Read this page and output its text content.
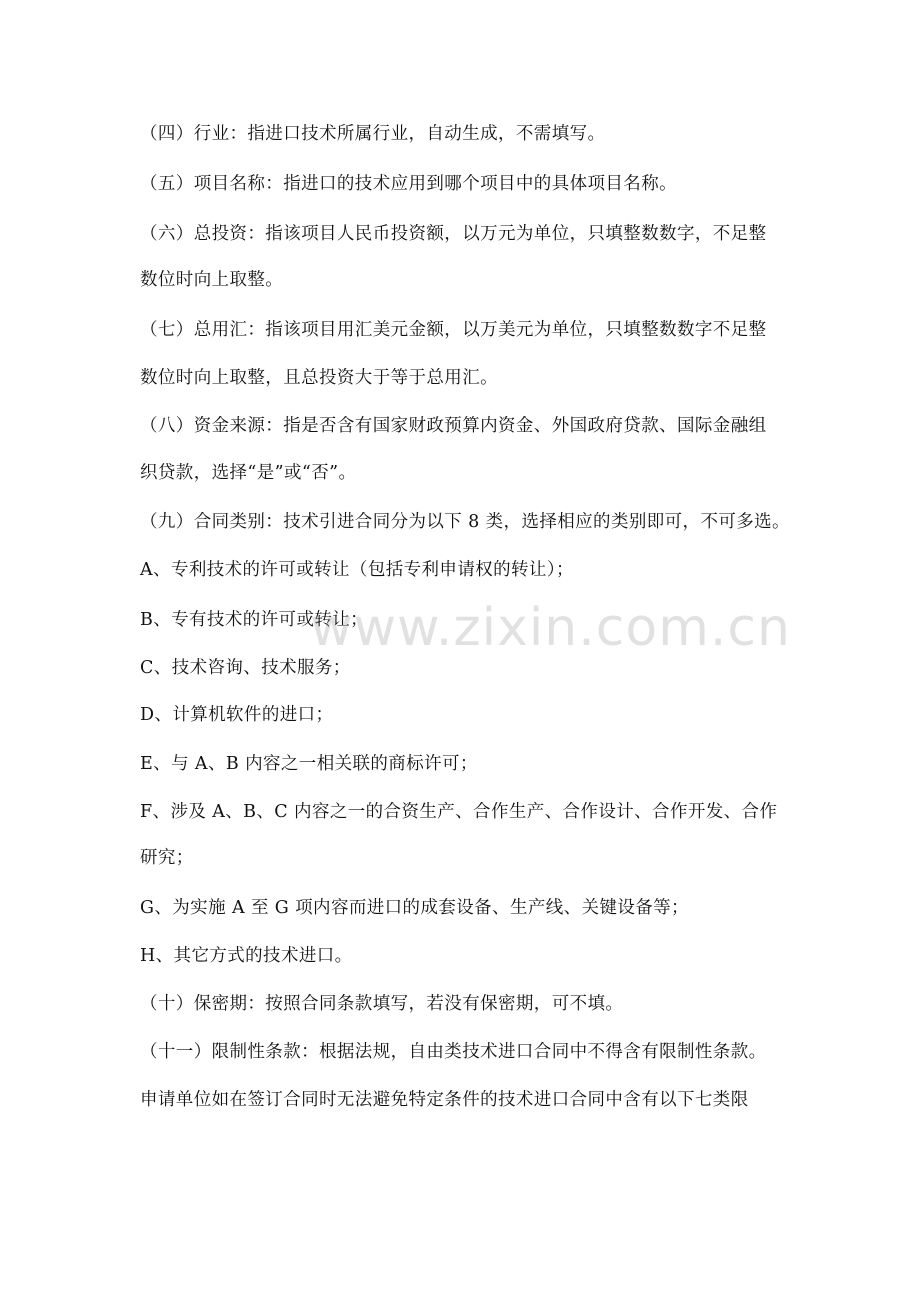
（四）行业：指进口技术所属行业，自动生成，不需填写。
（五）项目名称：指进口的技术应用到哪个项目中的具体项目名称。
（六）总投资：指该项目人民币投资额，以万元为单位，只填整数数字，不足整
数位时向上取整。
（七）总用汇：指该项目用汇美元金额，以万美元为单位，只填整数数字不足整
数位时向上取整，且总投资大于等于总用汇。
（八）资金来源：指是否含有国家财政预算内资金、外国政府贷款、国际金融组
织贷款，选择“是”或“否”。
（九）合同类别：技术引进合同分为以下 8 类，选择相应的类别即可，不可多选。
A、专利技术的许可或转让（包括专利申请权的转让）；
B、专有技术的许可或转让；
C、技术咨询、技术服务；
D、计算机软件的进口；
E、与 A、B 内容之一相关联的商标许可；
F、涉及 A、B、C 内容之一的合资生产、合作生产、合作设计、合作开发、合作
研究；
G、为实施 A 至 G 项内容而进口的成套设备、生产线、关键设备等；
H、其它方式的技术进口。
（十）保密期：按照合同条款填写，若没有保密期，可不填。
（十一）限制性条款：根据法规，自由类技术进口合同中不得含有限制性条款。
申请单位如在签订合同时无法避免特定条件的技术进口合同中含有以下七类限
www.zixin.com.cn
